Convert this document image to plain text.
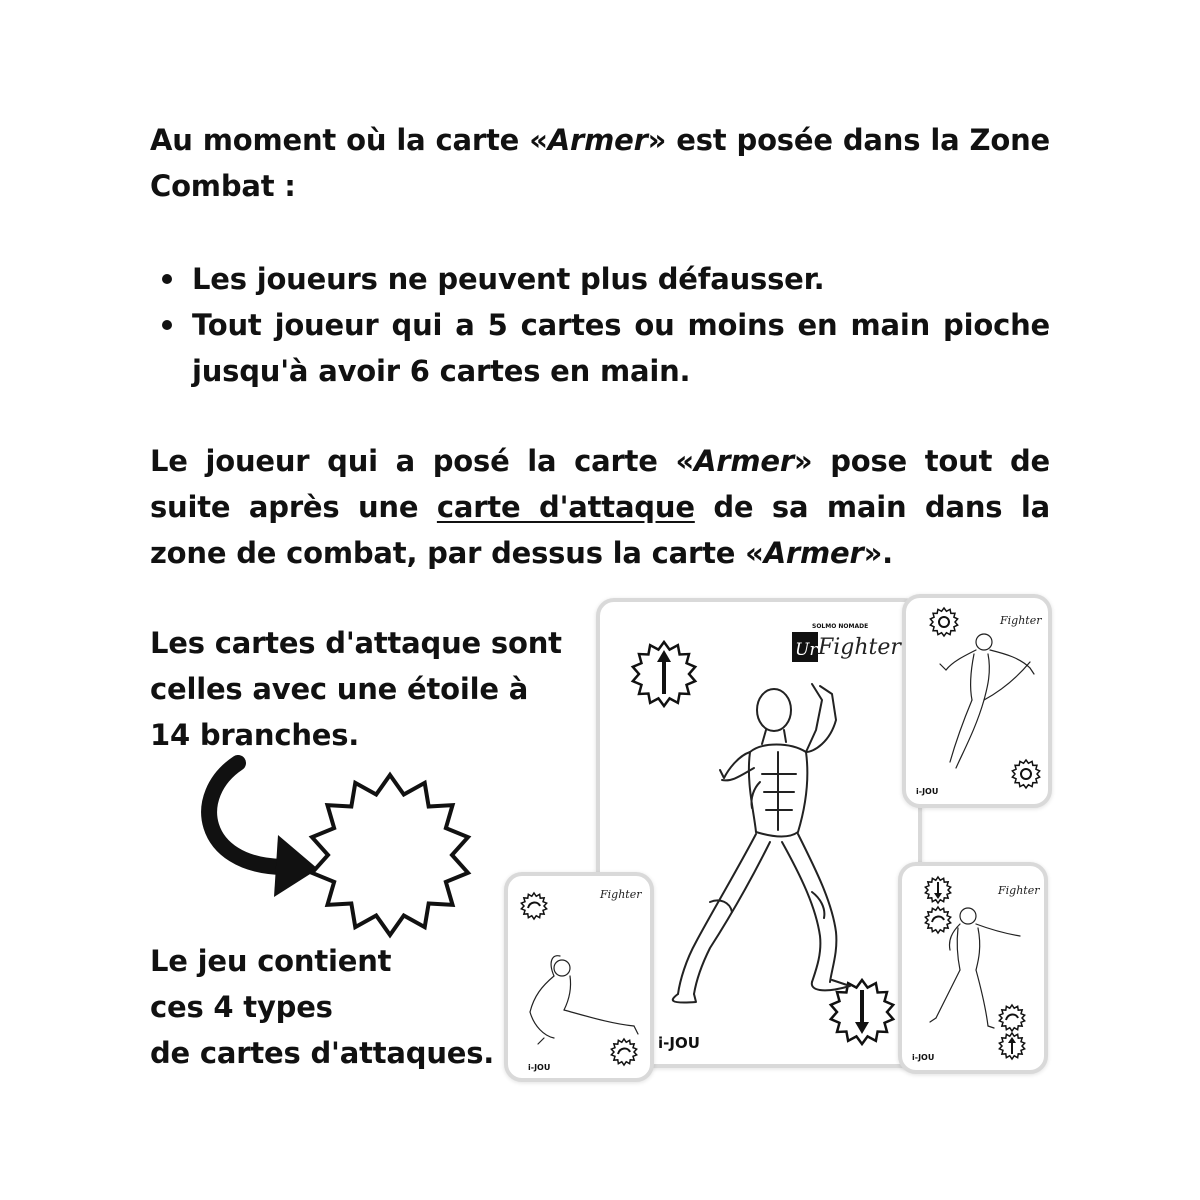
Au moment où la carte «Armer» est posée dans la Zone Combat :

Les joueurs ne peuvent plus défausser.
Tout joueur qui a 5 cartes ou moins en main pioche jusqu'à avoir 6 cartes en main.

Le joueur qui a posé la carte «Armer» pose tout de suite après une carte d'attaque de sa main dans la zone de combat, par dessus la carte «Armer».

Les cartes d'attaque sont
celles avec une étoile à
14 branches.
Le jeu contient
ces 4 types
de cartes d'attaques.
Ur Fighter
SOLMO NOMADE
i-JOU
Fighter
i-JOU
Fighter
i-JOU
Fighter
i-JOU
